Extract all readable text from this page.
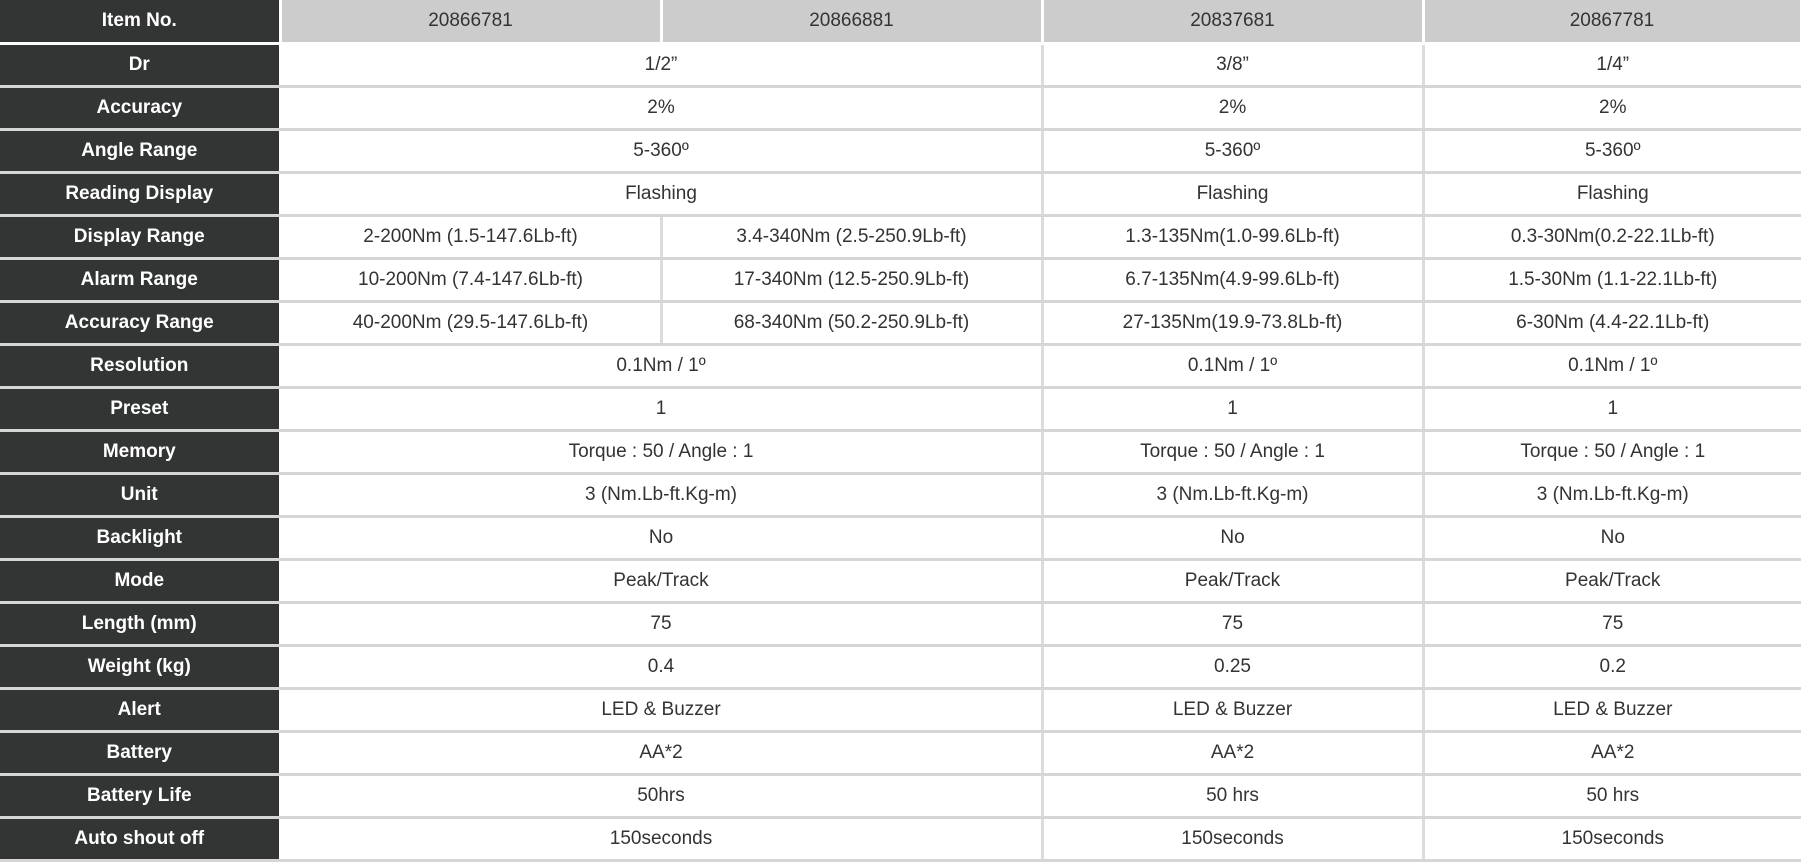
Item No.	20866781	20866881	20837681	20867781
Dr	1/2”		3/8”	1/4”
Accuracy	2%		2%	2%
Angle Range	5-360º		5-360º	5-360º
Reading Display	Flashing		Flashing	Flashing
Display Range	2-200Nm (1.5-147.6Lb-ft)	3.4-340Nm (2.5-250.9Lb-ft)	1.3-135Nm(1.0-99.6Lb-ft)	0.3-30Nm(0.2-22.1Lb-ft)
Alarm Range	10-200Nm (7.4-147.6Lb-ft)	17-340Nm (12.5-250.9Lb-ft)	6.7-135Nm(4.9-99.6Lb-ft)	1.5-30Nm (1.1-22.1Lb-ft)
Accuracy Range	40-200Nm (29.5-147.6Lb-ft)	68-340Nm (50.2-250.9Lb-ft)	27-135Nm(19.9-73.8Lb-ft)	6-30Nm (4.4-22.1Lb-ft)
Resolution	0.1Nm / 1º		0.1Nm / 1º	0.1Nm / 1º
Preset	1		1	1
Memory	Torque : 50 / Angle : 1		Torque : 50 / Angle : 1	Torque : 50 / Angle : 1
Unit	3 (Nm.Lb-ft.Kg-m)		3 (Nm.Lb-ft.Kg-m)	3 (Nm.Lb-ft.Kg-m)
Backlight	No		No	No
Mode	Peak/Track		Peak/Track	Peak/Track
Length (mm)	75		75	75
Weight (kg)	0.4		0.25	0.2
Alert	LED & Buzzer		LED & Buzzer	LED & Buzzer
Battery	AA*2		AA*2	AA*2
Battery Life	50hrs		50 hrs	50 hrs
Auto shout off	150seconds		150seconds	150seconds
